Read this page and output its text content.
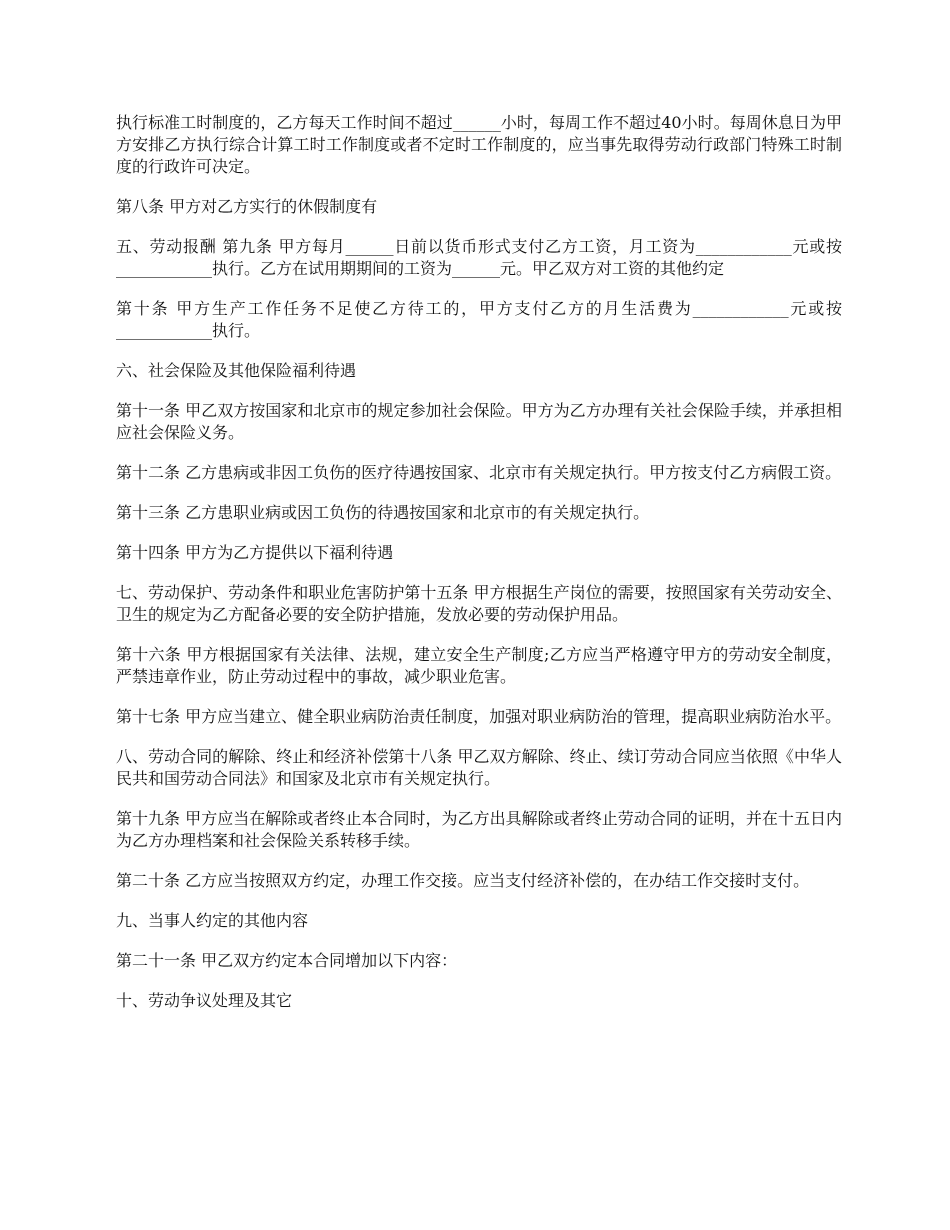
执行标准工时制度的，乙方每天工作时间不超过______小时，每周工作不超过40小时。每周休息日为甲方安排乙方执行综合计算工时工作制度或者不定时工作制度的，应当事先取得劳动行政部门特殊工时制度的行政许可决定。

第八条 甲方对乙方实行的休假制度有

五、劳动报酬 第九条 甲方每月______日前以货币形式支付乙方工资，月工资为____________元或按____________执行。乙方在试用期期间的工资为______元。甲乙双方对工资的其他约定

第十条 甲方生产工作任务不足使乙方待工的，甲方支付乙方的月生活费为____________元或按____________执行。

六、社会保险及其他保险福利待遇

第十一条 甲乙双方按国家和北京市的规定参加社会保险。甲方为乙方办理有关社会保险手续，并承担相应社会保险义务。

第十二条 乙方患病或非因工负伤的医疗待遇按国家、北京市有关规定执行。甲方按支付乙方病假工资。

第十三条 乙方患职业病或因工负伤的待遇按国家和北京市的有关规定执行。

第十四条 甲方为乙方提供以下福利待遇

七、劳动保护、劳动条件和职业危害防护第十五条 甲方根据生产岗位的需要，按照国家有关劳动安全、卫生的规定为乙方配备必要的安全防护措施，发放必要的劳动保护用品。

第十六条 甲方根据国家有关法律、法规，建立安全生产制度;乙方应当严格遵守甲方的劳动安全制度，严禁违章作业，防止劳动过程中的事故，减少职业危害。

第十七条 甲方应当建立、健全职业病防治责任制度，加强对职业病防治的管理，提高职业病防治水平。

八、劳动合同的解除、终止和经济补偿第十八条 甲乙双方解除、终止、续订劳动合同应当依照《中华人民共和国劳动合同法》和国家及北京市有关规定执行。

第十九条 甲方应当在解除或者终止本合同时，为乙方出具解除或者终止劳动合同的证明，并在十五日内为乙方办理档案和社会保险关系转移手续。

第二十条 乙方应当按照双方约定，办理工作交接。应当支付经济补偿的，在办结工作交接时支付。

九、当事人约定的其他内容

第二十一条 甲乙双方约定本合同增加以下内容：

十、劳动争议处理及其它
